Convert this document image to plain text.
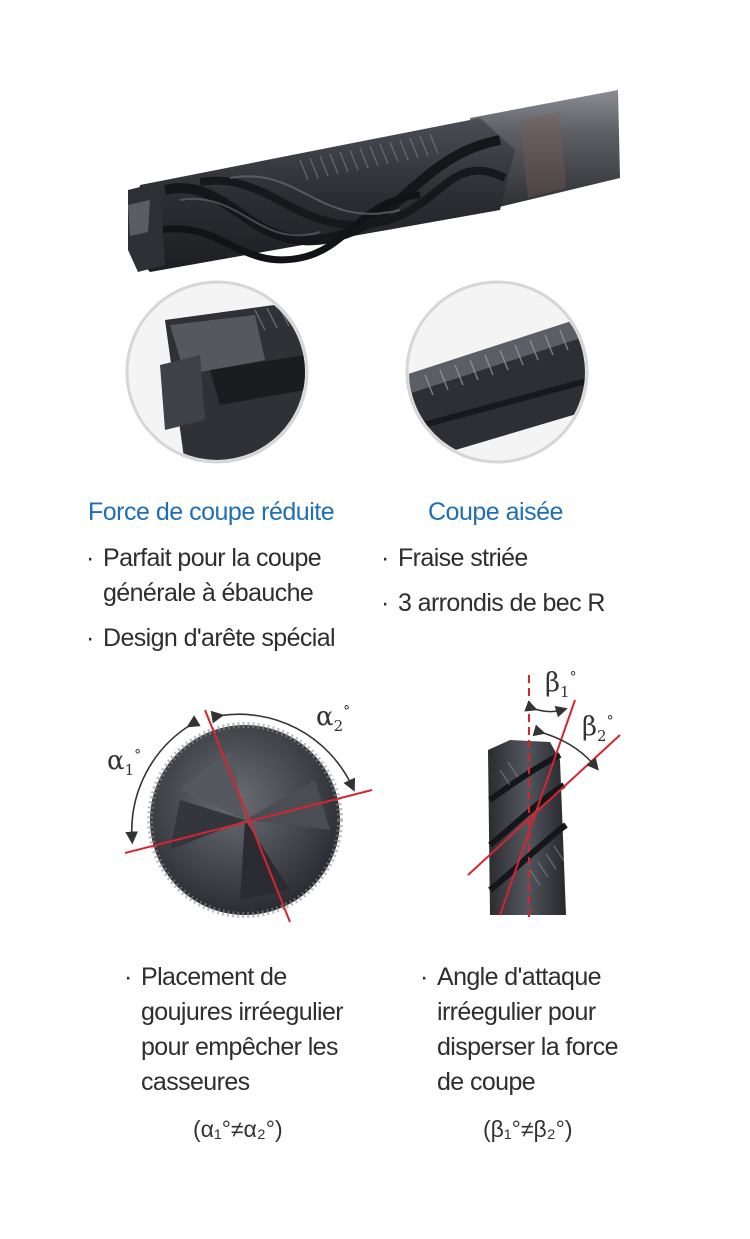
Force de coupe réduite	Coupe aisée
· Parfait pour la coupe générale à ébauche
· Design d'arête spécial
· Fraise striée
· 3 arrondis de bec R
$\alpha_1^\circ$
$\alpha_2^\circ$
$\beta_1^\circ$
$\beta_2^\circ$
· Placement de
goujures irréegulier
pour empêcher les
casseures
· Angle d'attaque
irréegulier pour
disperser la force
de coupe
(α₁°≠α₂°)	(β₁°≠β₂°)
